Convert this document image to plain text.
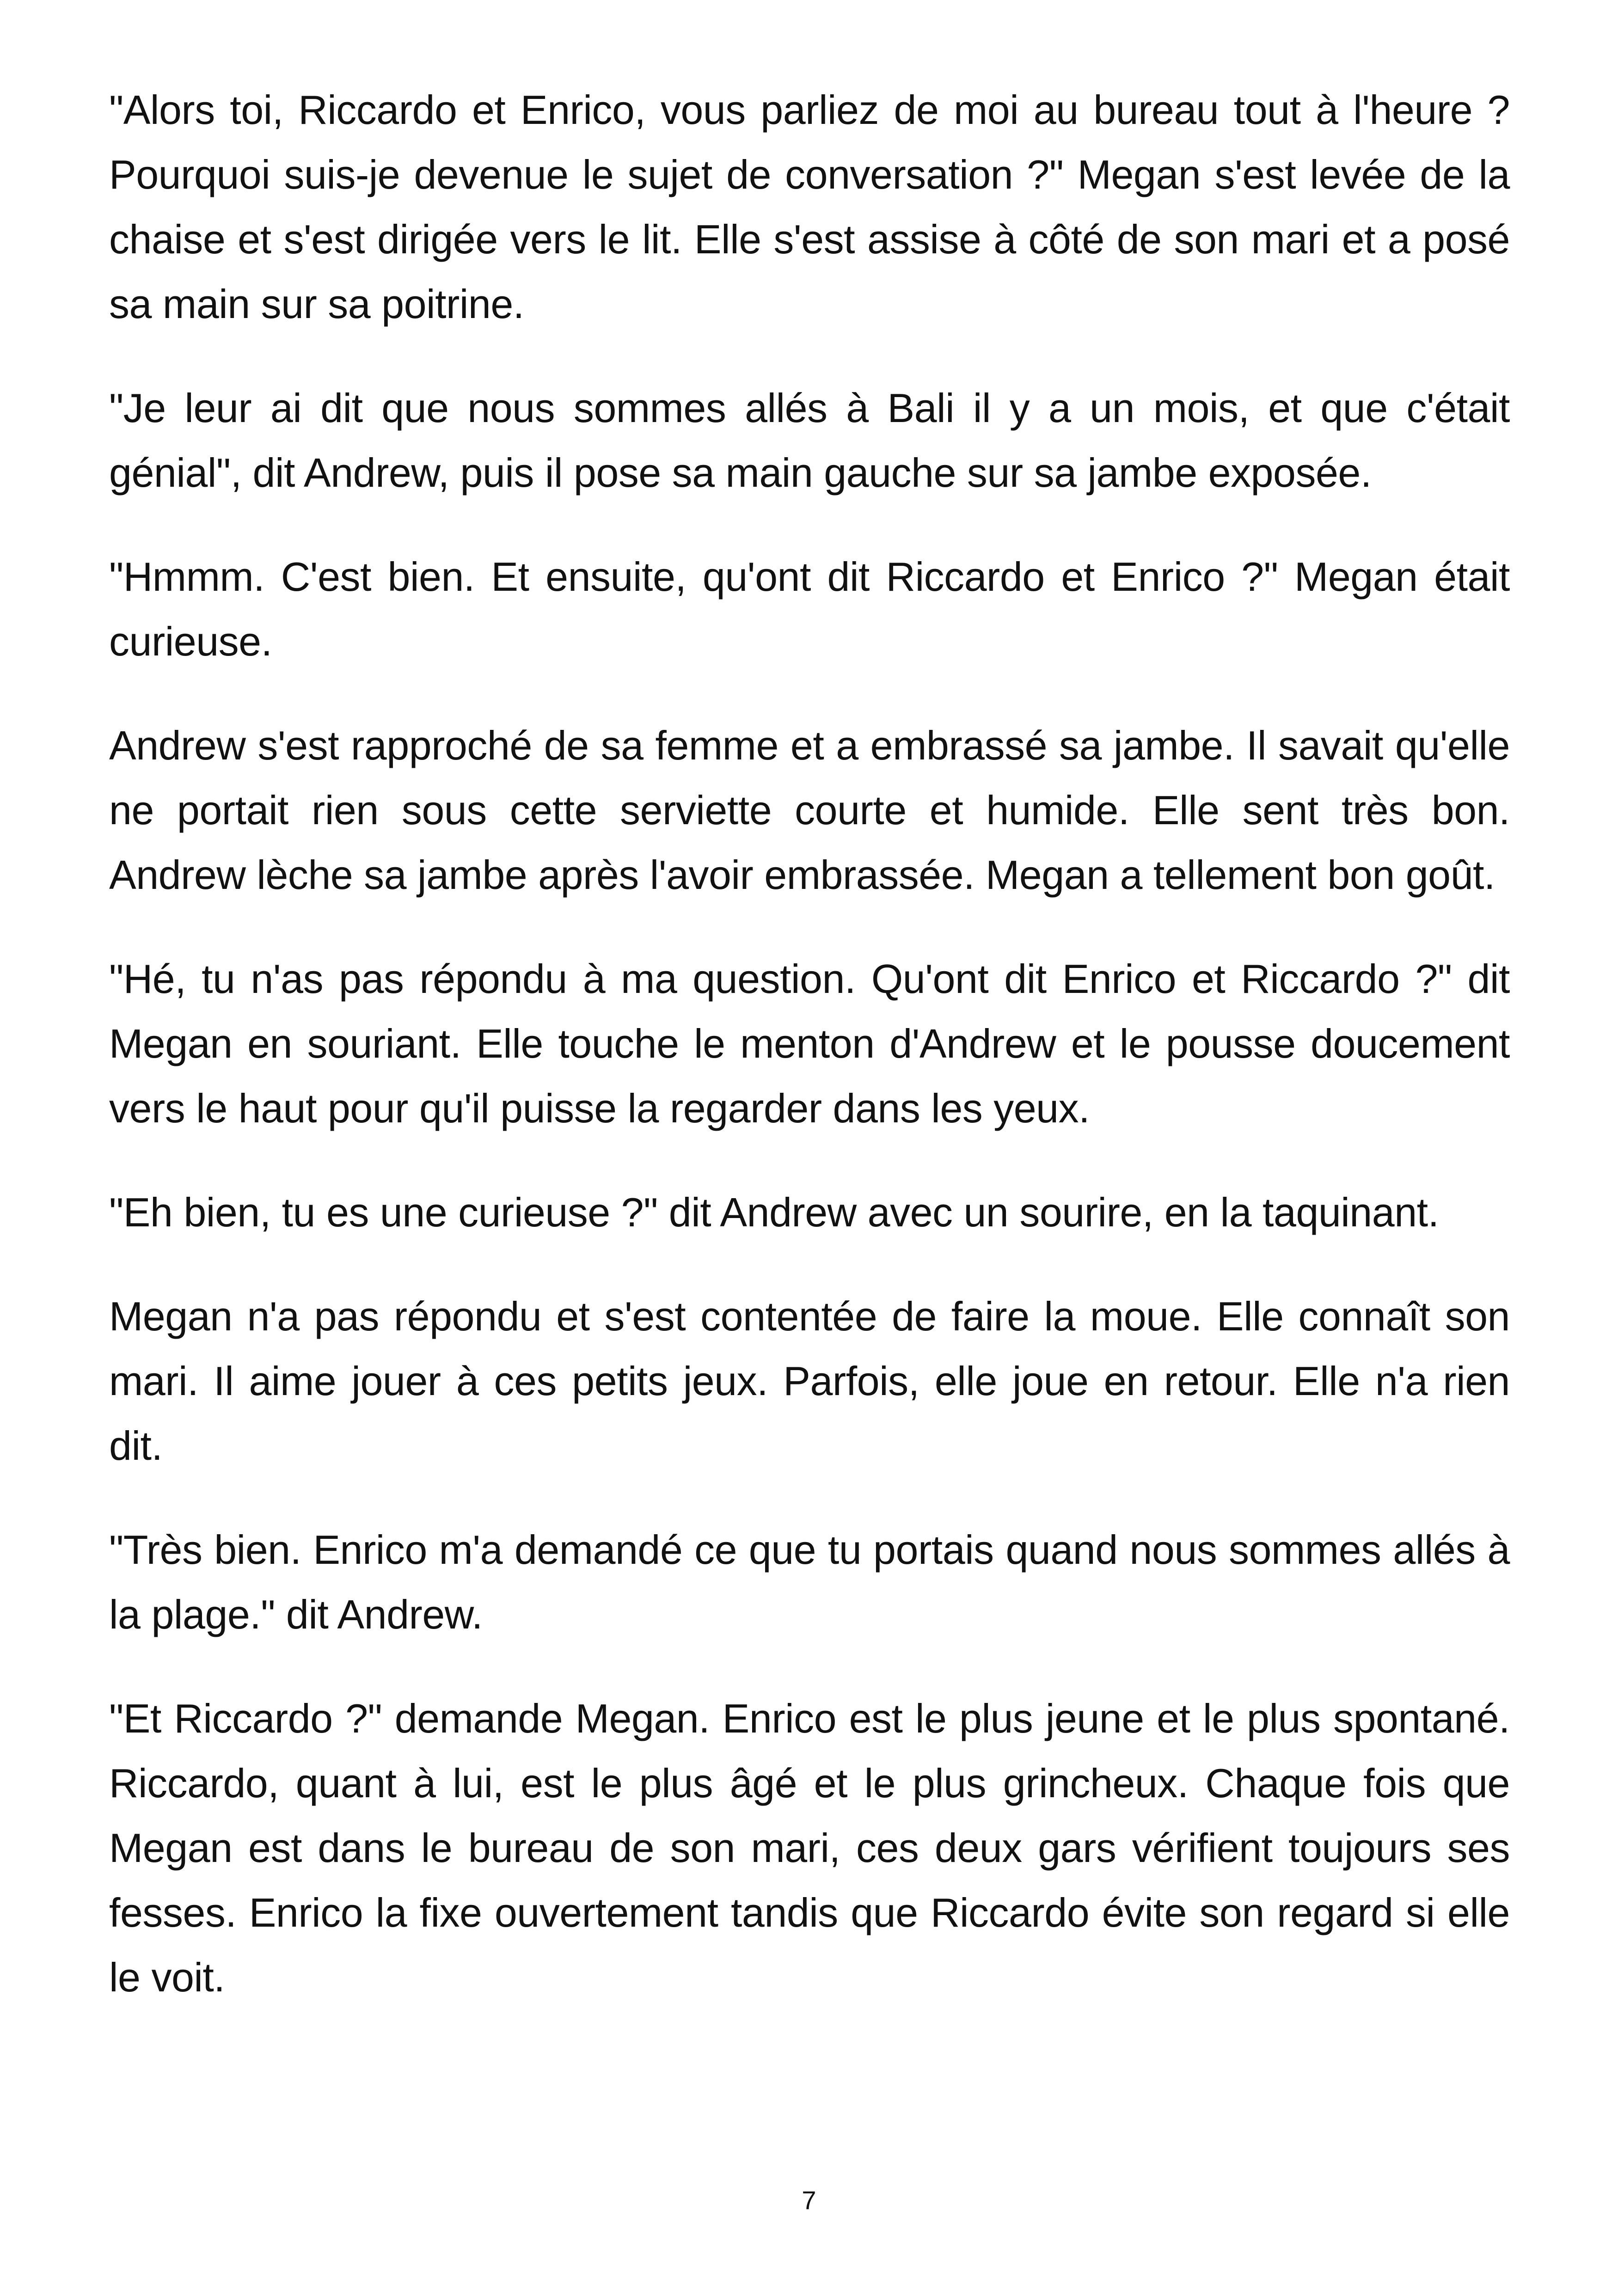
"Alors toi, Riccardo et Enrico, vous parliez de moi au bureau tout à l'heure ? Pourquoi suis-je devenue le sujet de conversation ?" Megan s'est levée de la chaise et s'est dirigée vers le lit. Elle s'est assise à côté de son mari et a posé sa main sur sa poitrine.

"Je leur ai dit que nous sommes allés à Bali il y a un mois, et que c'était génial", dit Andrew, puis il pose sa main gauche sur sa jambe exposée.

"Hmmm. C'est bien. Et ensuite, qu'ont dit Riccardo et Enrico ?" Megan était curieuse.

Andrew s'est rapproché de sa femme et a embrassé sa jambe. Il savait qu'elle ne portait rien sous cette serviette courte et humide. Elle sent très bon. Andrew lèche sa jambe après l'avoir embrassée. Megan a tellement bon goût.

"Hé, tu n'as pas répondu à ma question. Qu'ont dit Enrico et Riccardo ?" dit Megan en souriant. Elle touche le menton d'Andrew et le pousse doucement vers le haut pour qu'il puisse la regarder dans les yeux.

"Eh bien, tu es une curieuse ?" dit Andrew avec un sourire, en la taquinant.

Megan n'a pas répondu et s'est contentée de faire la moue. Elle connaît son mari. Il aime jouer à ces petits jeux. Parfois, elle joue en retour. Elle n'a rien dit.

"Très bien. Enrico m'a demandé ce que tu portais quand nous sommes allés à la plage." dit Andrew.

"Et Riccardo ?" demande Megan. Enrico est le plus jeune et le plus spontané. Riccardo, quant à lui, est le plus âgé et le plus grincheux. Chaque fois que Megan est dans le bureau de son mari, ces deux gars vérifient toujours ses fesses. Enrico la fixe ouvertement tandis que Riccardo évite son regard si elle le voit.

7
